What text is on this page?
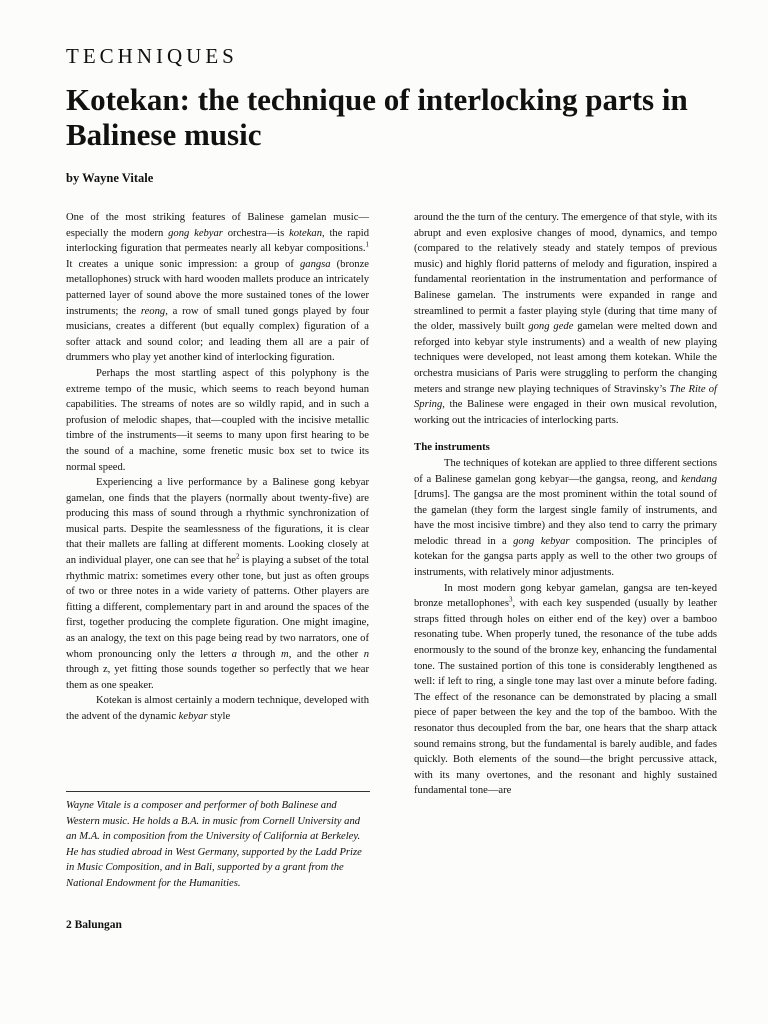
TECHNIQUES
Kotekan: the technique of interlocking parts in Balinese music
by Wayne Vitale

One of the most striking features of Balinese gamelan music—especially the modern gong kebyar orchestra—is kotekan, the rapid interlocking figuration that permeates nearly all kebyar compositions.$^1$ It creates a unique sonic impression: a group of gangsa (bronze metallophones) struck with hard wooden mallets produce an intricately patterned layer of sound above the more sustained tones of the lower instruments; the reong, a row of small tuned gongs played by four musicians, creates a different (but equally complex) figuration of a softer attack and sound color; and leading them all are a pair of drummers who play yet another kind of interlocking figuration.

Perhaps the most startling aspect of this polyphony is the extreme tempo of the music, which seems to reach beyond human capabilities. The streams of notes are so wildly rapid, and in such a profusion of melodic shapes, that—coupled with the incisive metallic timbre of the instruments—it seems to many upon first hearing to be the sound of a machine, some frenetic music box set to twice its normal speed.

Experiencing a live performance by a Balinese gong kebyar gamelan, one finds that the players (normally about twenty-five) are producing this mass of sound through a rhythmic synchronization of musical parts. Despite the seamlessness of the figurations, it is clear that their mallets are falling at different moments. Looking closely at an individual player, one can see that $he^2$ is playing a subset of the total rhythmic matrix: sometimes every other tone, but just as often groups of two or three notes in a wide variety of patterns. Other players are fitting a different, complementary part in and around the spaces of the first, together producing the complete figuration. One might imagine, as an analogy, the text on this page being read by two narrators, one of whom pronouncing only the letters a through m, and the other n through z, yet fitting those sounds together so perfectly that we hear them as one speaker.

Kotekan is almost certainly a modern technique, developed with the advent of the dynamic kebyar style

Wayne Vitale is a composer and performer of both Balinese and Western music. He holds a B.A. in music from Cornell University and an M.A. in composition from the University of California at Berkeley. He has studied abroad in West Germany, supported by the Ladd Prize in Music Composition, and in Bali, supported by a grant from the National Endowment for the Humanities.

around the the turn of the century. The emergence of that style, with its abrupt and even explosive changes of mood, dynamics, and tempo (compared to the relatively steady and stately tempos of previous music) and highly florid patterns of melody and figuration, inspired a fundamental reorientation in the instrumentation and performance of Balinese gamelan. The instruments were expanded in range and streamlined to permit a faster playing style (during that time many of the older, massively built gong gede gamelan were melted down and reforged into kebyar style instruments) and a wealth of new playing techniques were developed, not least among them kotekan. While the orchestra musicians of Paris were struggling to perform the changing meters and strange new playing techniques of Stravinsky’s The Rite of Spring, the Balinese were engaged in their own musical revolution, working out the intricacies of interlocking parts.

The instruments

The techniques of kotekan are applied to three different sections of a Balinese gamelan gong kebyar—the gangsa, reong, and kendang [drums]. The gangsa are the most prominent within the total sound of the gamelan (they form the largest single family of instruments, and have the most incisive timbre) and they also tend to carry the primary melodic thread in a gong kebyar composition. The principles of kotekan for the gangsa parts apply as well to the other two groups of instruments, with relatively minor adjustments.

In most modern gong kebyar gamelan, gangsa are ten-keyed bronze metallophones$^3$, with each key suspended (usually by leather straps fitted through holes on either end of the key) over a bamboo resonating tube. When properly tuned, the resonance of the tube adds enormously to the sound of the bronze key, enhancing the fundamental tone. The sustained portion of this tone is considerably lengthened as well: if left to ring, a single tone may last over a minute before fading. The effect of the resonance can be demonstrated by placing a small piece of paper between the key and the top of the bamboo. With the resonator thus decoupled from the bar, one hears that the sharp attack sound remains strong, but the fundamental is barely audible, and fades quickly. Both elements of the sound—the bright percussive attack, with its many overtones, and the resonant and highly sustained fundamental tone—are

2 Balungan
